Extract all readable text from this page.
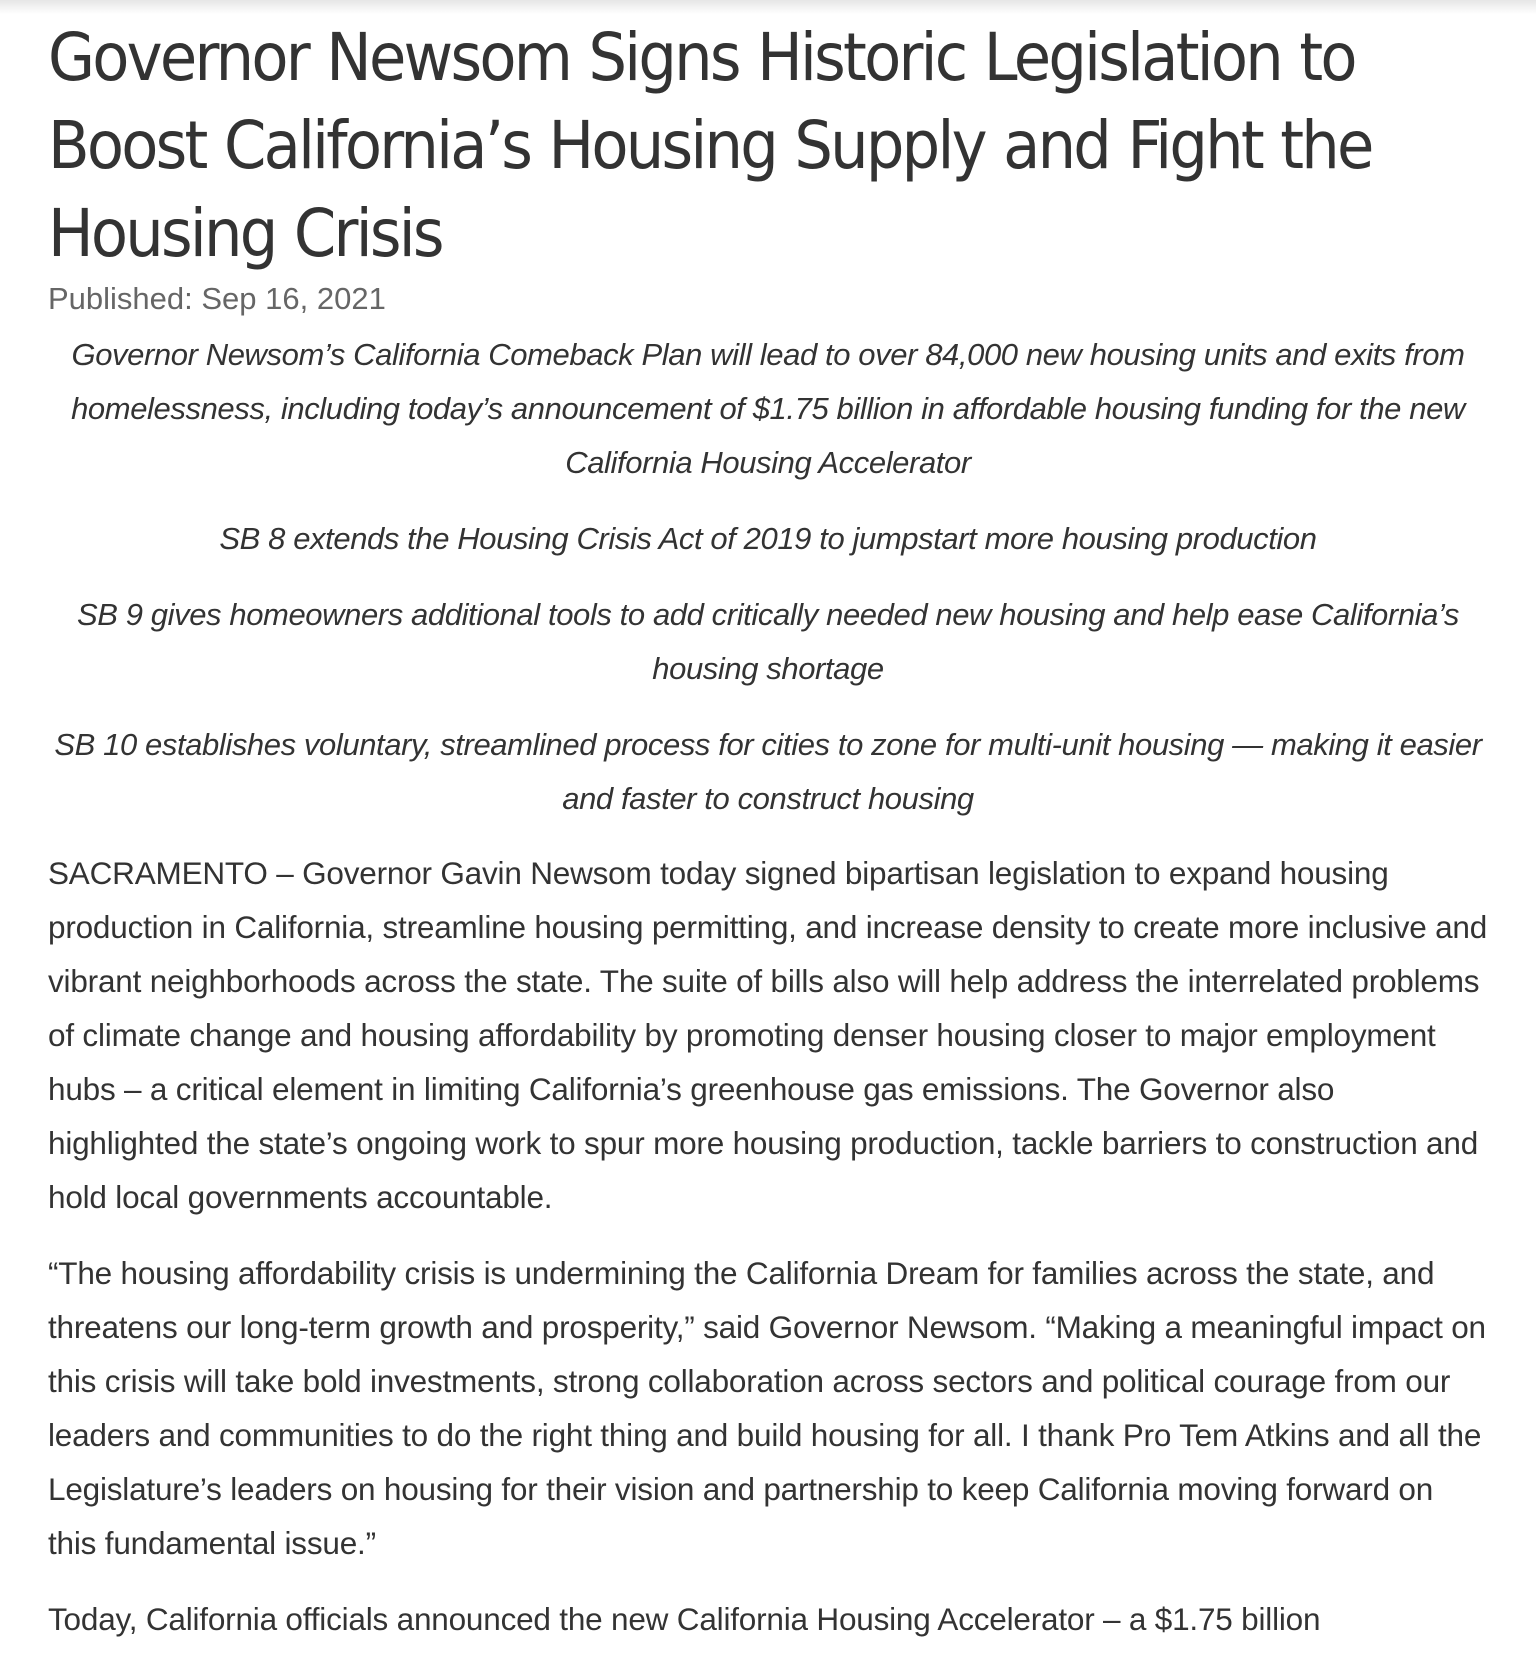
Governor Newsom Signs Historic Legislation to Boost California’s Housing Supply and Fight the Housing Crisis

Published: Sep 16, 2021

Governor Newsom’s California Comeback Plan will lead to over 84,000 new housing units and exits from homelessness, including today’s announcement of $1.75 billion in affordable housing funding for the new California Housing Accelerator

SB 8 extends the Housing Crisis Act of 2019 to jumpstart more housing production

SB 9 gives homeowners additional tools to add critically needed new housing and help ease California’s housing shortage

SB 10 establishes voluntary, streamlined process for cities to zone for multi-unit housing — making it easier and faster to construct housing

SACRAMENTO – Governor Gavin Newsom today signed bipartisan legislation to expand housing production in California, streamline housing permitting, and increase density to create more inclusive and vibrant neighborhoods across the state. The suite of bills also will help address the interrelated problems of climate change and housing affordability by promoting denser housing closer to major employment hubs – a critical element in limiting California’s greenhouse gas emissions. The Governor also highlighted the state’s ongoing work to spur more housing production, tackle barriers to construction and hold local governments accountable.

“The housing affordability crisis is undermining the California Dream for families across the state, and threatens our long-term growth and prosperity,” said Governor Newsom. “Making a meaningful impact on this crisis will take bold investments, strong collaboration across sectors and political courage from our leaders and communities to do the right thing and build housing for all. I thank Pro Tem Atkins and all the Legislature’s leaders on housing for their vision and partnership to keep California moving forward on this fundamental issue.”

Today, California officials announced the new California Housing Accelerator – a $1.75 billion
